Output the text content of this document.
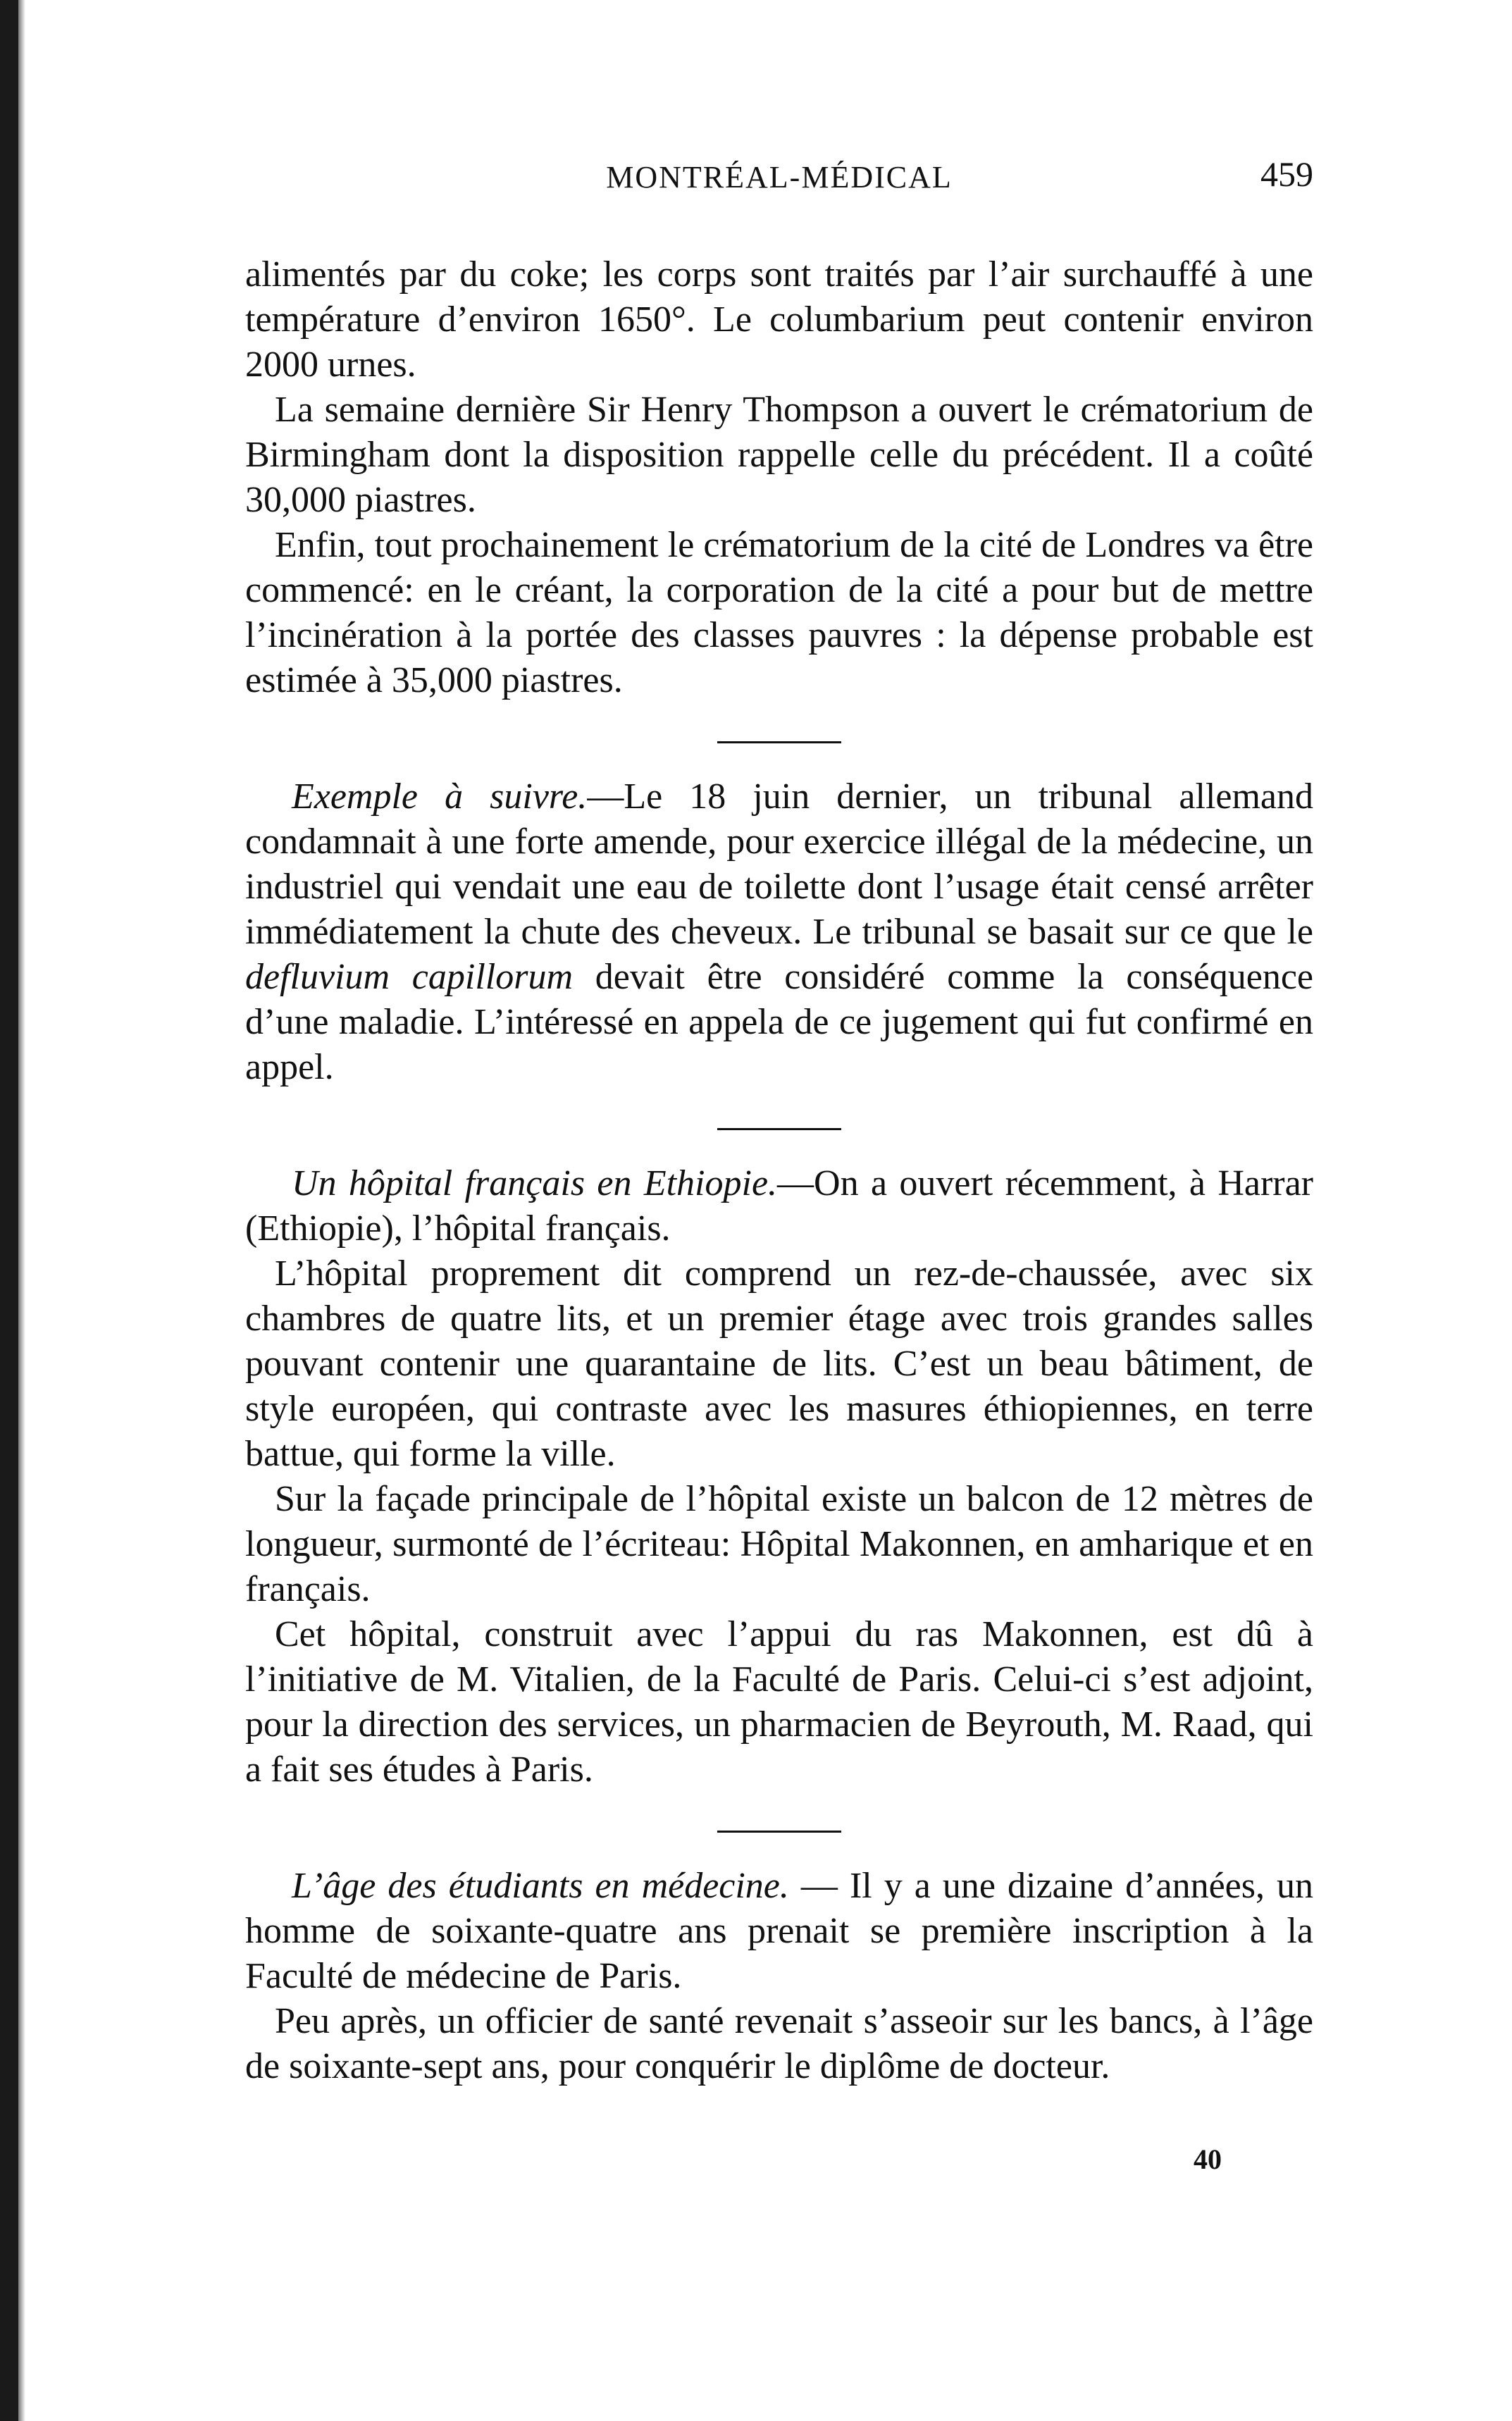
MONTRÉAL-MÉDICAL	459

alimentés par du coke; les corps sont traités par l’air surchauffé à une température d’environ 1650°. Le columbarium peut contenir environ 2000 urnes.

La semaine dernière Sir Henry Thompson a ouvert le crématorium de Birmingham dont la disposition rappelle celle du précédent. Il a coûté 30,000 piastres.

Enfin, tout prochainement le crématorium de la cité de Londres va être commencé: en le créant, la corporation de la cité a pour but de mettre l’incinération à la portée des classes pauvres : la dépense probable est estimée à 35,000 piastres.

Exemple à suivre.—Le 18 juin dernier, un tribunal allemand condamnait à une forte amende, pour exercice illégal de la médecine, un industriel qui vendait une eau de toilette dont l’usage était censé arrêter immédiatement la chute des cheveux. Le tribunal se basait sur ce que le defluvium capillorum devait être considéré comme la conséquence d’une maladie. L’intéressé en appela de ce jugement qui fut confirmé en appel.

Un hôpital français en Ethiopie.—On a ouvert récemment, à Harrar (Ethiopie), l’hôpital français.

L’hôpital proprement dit comprend un rez-de-chaussée, avec six chambres de quatre lits, et un premier étage avec trois grandes salles pouvant contenir une quarantaine de lits. C’est un beau bâtiment, de style européen, qui contraste avec les masures éthiopiennes, en terre battue, qui forme la ville.

Sur la façade principale de l’hôpital existe un balcon de 12 mètres de longueur, surmonté de l’écriteau: Hôpital Makonnen, en amharique et en français.

Cet hôpital, construit avec l’appui du ras Makonnen, est dû à l’initiative de M. Vitalien, de la Faculté de Paris. Celui-ci s’est adjoint, pour la direction des services, un pharmacien de Beyrouth, M. Raad, qui a fait ses études à Paris.

L’âge des étudiants en médecine. — Il y a une dizaine d’années, un homme de soixante-quatre ans prenait se première inscription à la Faculté de médecine de Paris.

Peu après, un officier de santé revenait s’asseoir sur les bancs, à l’âge de soixante-sept ans, pour conquérir le diplôme de docteur.

40
